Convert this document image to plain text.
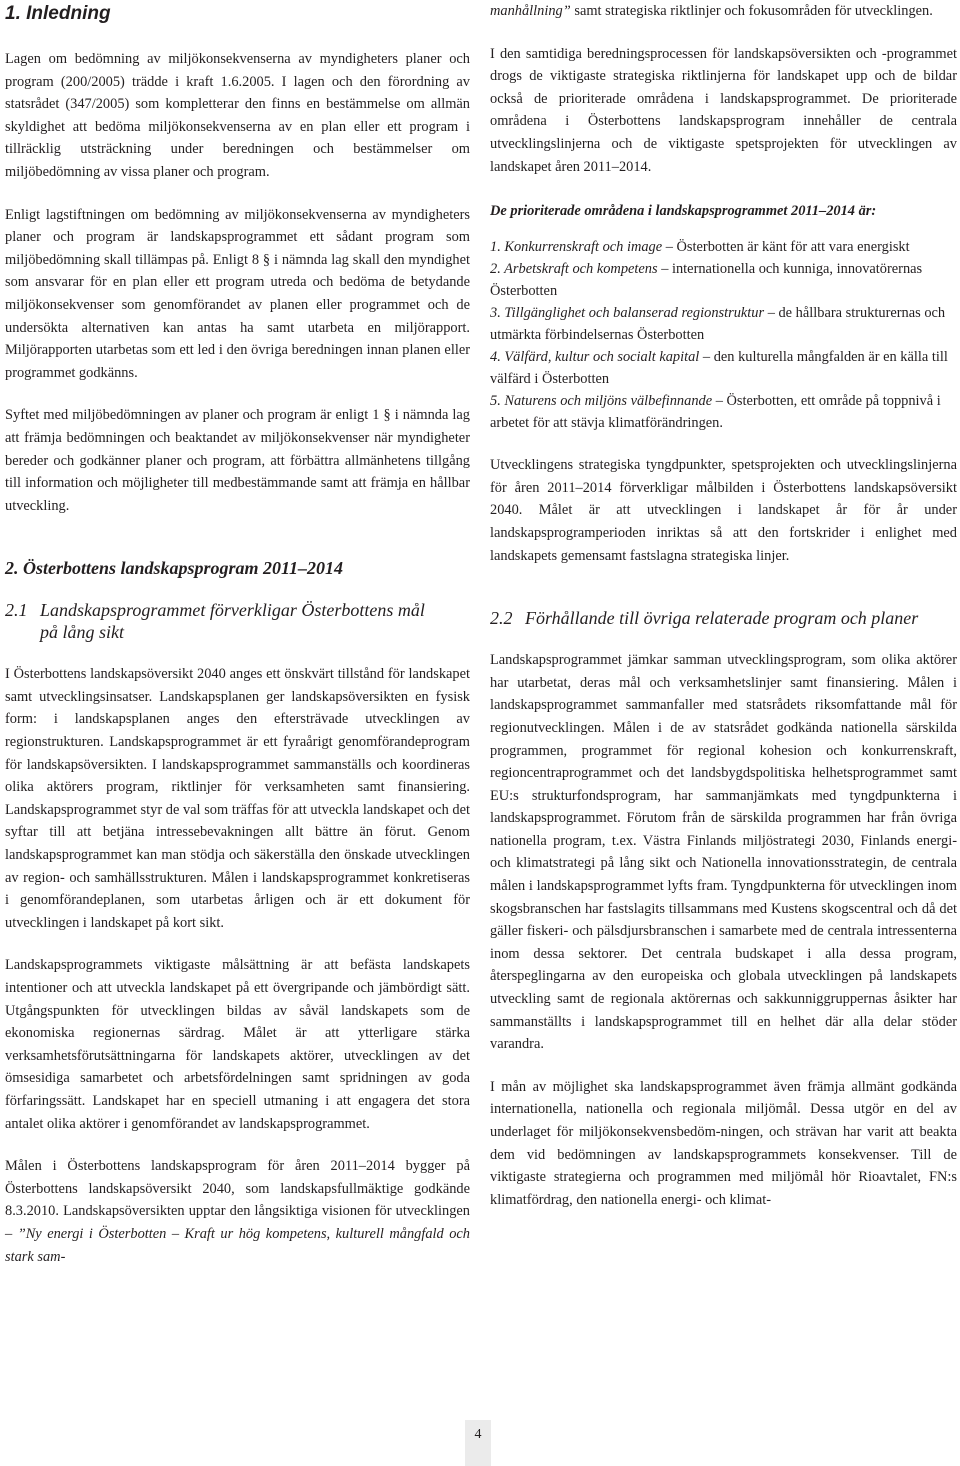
1. Inledning

Lagen om bedömning av miljökonsekvenserna av myndigheters planer och program (200/2005) trädde i kraft 1.6.2005. I lagen och den förordning av statsrådet (347/2005) som kompletterar den finns en bestämmelse om allmän skyldighet att bedöma miljökonsekvenserna av en plan eller ett program i tillräcklig utsträckning under beredningen och bestämmelser om miljöbedömning av vissa planer och program.

Enligt lagstiftningen om bedömning av miljökonsekvenserna av myndigheters planer och program är landskapsprogrammet ett sådant program som miljöbedömning skall tillämpas på. Enligt 8 § i nämnda lag skall den myndighet som ansvarar för en plan eller ett program utreda och bedöma de betydande miljökonsekvenser som genomförandet av planen eller programmet och de undersökta alternativen kan antas ha samt utarbeta en miljörapport. Miljörapporten utarbetas som ett led i den övriga beredningen innan planen eller programmet godkänns.

Syftet med miljöbedömningen av planer och program är enligt 1 § i nämnda lag att främja bedömningen och beaktandet av miljökonsekvenser när myndigheter bereder och godkänner planer och program, att förbättra allmänhetens tillgång till information och möjligheter till medbestämmande samt att främja en hållbar utveckling.

2. Österbottens landskapsprogram 2011–2014
2.1 Landskapsprogrammet förverkligar Österbottens mål på lång sikt

I Österbottens landskapsöversikt 2040 anges ett önskvärt tillstånd för landskapet samt utvecklingsinsatser. Landskapsplanen ger landskapsöversikten en fysisk form: i landskapsplanen anges den eftersträvade utvecklingen av regionstrukturen. Landskapsprogrammet är ett fyraårigt genomförandeprogram för landskapsöversikten. I landskapsprogrammet sammanställs och koordineras olika aktörers program, riktlinjer för verksamheten samt finansiering. Landskapsprogrammet styr de val som träffas för att utveckla landskapet och det syftar till att betjäna intressebevakningen allt bättre än förut. Genom landskapsprogrammet kan man stödja och säkerställa den önskade utvecklingen av region- och samhällsstrukturen. Målen i landskapsprogrammet konkretiseras i genomförandeplanen, som utarbetas årligen och är ett dokument för utvecklingen i landskapet på kort sikt.

Landskapsprogrammets viktigaste målsättning är att befästa landskapets intentioner och att utveckla landskapet på ett övergripande och jämbördigt sätt. Utgångspunkten för utvecklingen bildas av såväl landskapets som de ekonomiska regionernas särdrag. Målet är att ytterligare stärka verksamhetsförutsättningarna för landskapets aktörer, utvecklingen av det ömsesidiga samarbetet och arbetsfördelningen samt spridningen av goda förfaringssätt. Landskapet har en speciell utmaning i att engagera det stora antalet olika aktörer i genomförandet av landskapsprogrammet.

Målen i Österbottens landskapsprogram för åren 2011–2014 bygger på Österbottens landskapsöversikt 2040, som landskapsfullmäktige godkände 8.3.2010. Landskapsöversikten upptar den långsiktiga visionen för utvecklingen – ”Ny energi i Österbotten – Kraft ur hög kompetens, kulturell mångfald och stark sam-

manhållning” samt strategiska riktlinjer och fokusområden för utvecklingen.

I den samtidiga beredningsprocessen för landskapsöversikten och -programmet drogs de viktigaste strategiska riktlinjerna för landskapet upp och de bildar också de prioriterade områdena i landskapsprogrammet. De prioriterade områdena i Österbottens landskapsprogram innehåller de centrala utvecklingslinjerna och de viktigaste spetsprojekten för utvecklingen av landskapet åren 2011–2014.

De prioriterade områdena i landskapsprogrammet 2011–2014 är:
1. Konkurrenskraft och image – Österbotten är känt för att vara energiskt
2. Arbetskraft och kompetens – internationella och kunniga, innovatörernas Österbotten
3. Tillgänglighet och balanserad regionstruktur – de hållbara strukturernas och utmärkta förbindelsernas Österbotten
4. Välfärd, kultur och socialt kapital – den kulturella mångfalden är en källa till välfärd i Österbotten
5. Naturens och miljöns välbefinnande – Österbotten, ett område på toppnivå i arbetet för att stävja klimatförändringen.

Utvecklingens strategiska tyngdpunkter, spetsprojekten och utvecklingslinjerna för åren 2011–2014 förverkligar målbilden i Österbottens landskapsöversikt 2040. Målet är att utvecklingen i landskapet år för år under landskapsprogramperioden inriktas så att den fortskrider i enlighet med landskapets gemensamt fastslagna strategiska linjer.

2.2 Förhållande till övriga relaterade program och planer

Landskapsprogrammet jämkar samman utvecklingsprogram, som olika aktörer har utarbetat, deras mål och verksamhetslinjer samt finansiering. Målen i landskapsprogrammet sammanfaller med statsrådets riksomfattande mål för regionutvecklingen. Målen i de av statsrådet godkända nationella särskilda programmen, programmet för regional kohesion och konkurrenskraft, regioncentraprogrammet och det landsbygdspolitiska helhetsprogrammet samt EU:s strukturfondsprogram, har sammanjämkats med tyngdpunkterna i landskapsprogrammet. Förutom från de särskilda programmen har från övriga nationella program, t.ex. Västra Finlands miljöstrategi 2030, Finlands energi- och klimatstrategi på lång sikt och Nationella innovationsstrategin, de centrala målen i landskapsprogrammet lyfts fram. Tyngdpunkterna för utvecklingen inom skogsbranschen har fastslagits tillsammans med Kustens skogscentral och då det gäller fiskeri- och pälsdjursbranschen i samarbete med de centrala intressenterna inom dessa sektorer. Det centrala budskapet i alla dessa program, återspeglingarna av den europeiska och globala utvecklingen på landskapets utveckling samt de regionala aktörernas och sakkunniggruppernas åsikter har sammanställts i landskapsprogrammet till en helhet där alla delar stöder varandra.

I mån av möjlighet ska landskapsprogrammet även främja allmänt godkända internationella, nationella och regionala miljömål. Dessa utgör en del av underlaget för miljökonsekvensbedöm-ningen, och strävan har varit att beakta dem vid bedömningen av landskapsprogrammets konsekvenser. Till de viktigaste strategierna och programmen med miljömål hör Rioavtalet, FN:s klimatfördrag, den nationella energi- och klimat-

4
